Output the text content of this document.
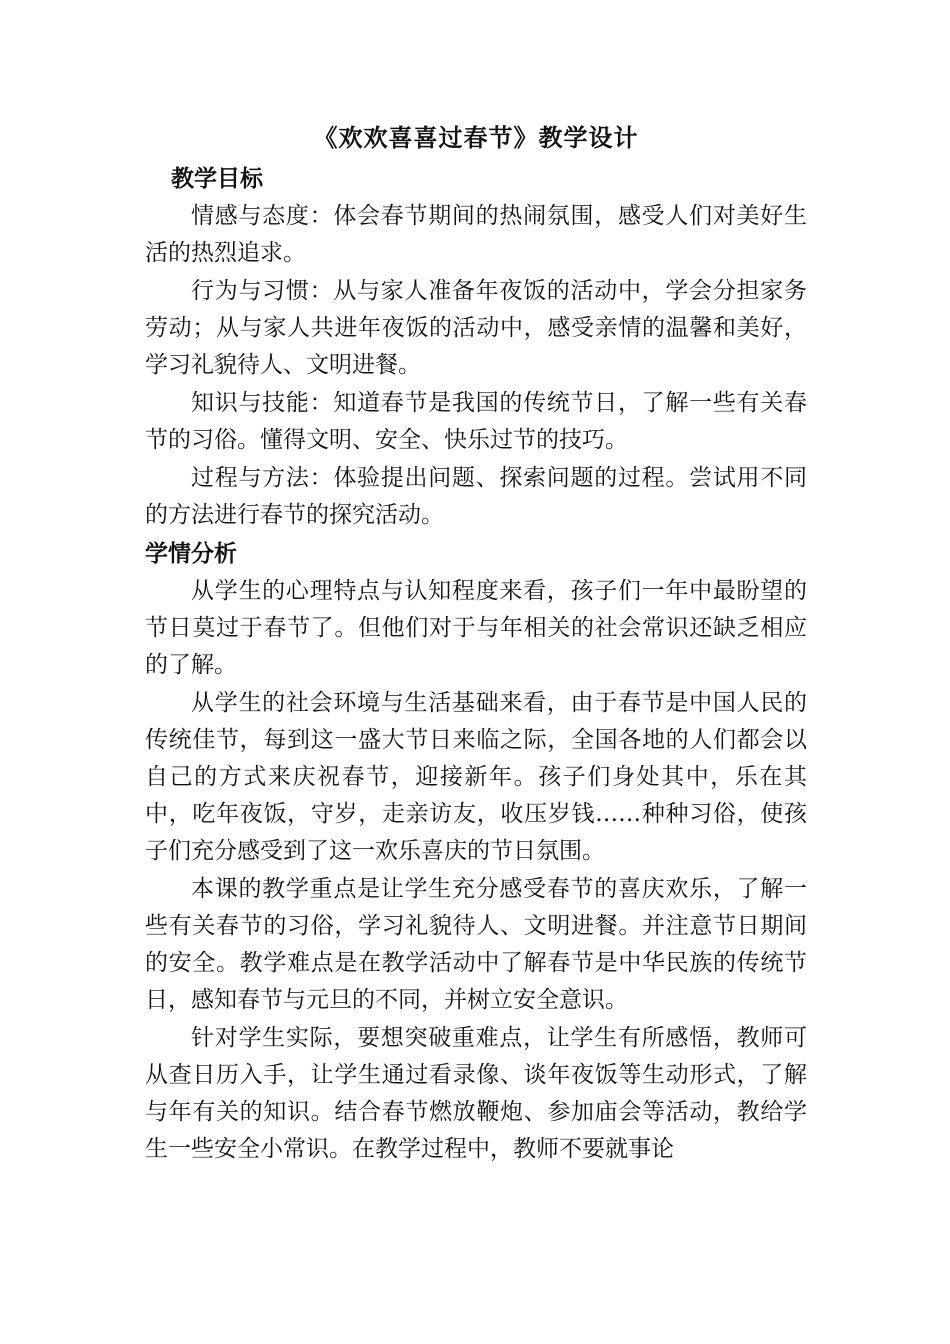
《欢欢喜喜过春节》教学设计
教学目标

情感与态度：体会春节期间的热闹氛围，感受人们对美好生活的热烈追求。

行为与习惯：从与家人准备年夜饭的活动中，学会分担家务劳动；从与家人共进年夜饭的活动中，感受亲情的温馨和美好，学习礼貌待人、文明进餐。

知识与技能：知道春节是我国的传统节日，了解一些有关春节的习俗。懂得文明、安全、快乐过节的技巧。

过程与方法：体验提出问题、探索问题的过程。尝试用不同的方法进行春节的探究活动。

学情分析

从学生的心理特点与认知程度来看，孩子们一年中最盼望的节日莫过于春节了。但他们对于与年相关的社会常识还缺乏相应的了解。

从学生的社会环境与生活基础来看，由于春节是中国人民的传统佳节，每到这一盛大节日来临之际，全国各地的人们都会以自己的方式来庆祝春节，迎接新年。孩子们身处其中，乐在其中，吃年夜饭，守岁，走亲访友，收压岁钱……种种习俗，使孩子们充分感受到了这一欢乐喜庆的节日氛围。

本课的教学重点是让学生充分感受春节的喜庆欢乐，了解一些有关春节的习俗，学习礼貌待人、文明进餐。并注意节日期间的安全。教学难点是在教学活动中了解春节是中华民族的传统节日，感知春节与元旦的不同，并树立安全意识。

针对学生实际，要想突破重难点，让学生有所感悟，教师可从查日历入手，让学生通过看录像、谈年夜饭等生动形式，了解与年有关的知识。结合春节燃放鞭炮、参加庙会等活动，教给学生一些安全小常识。在教学过程中，教师不要就事论
